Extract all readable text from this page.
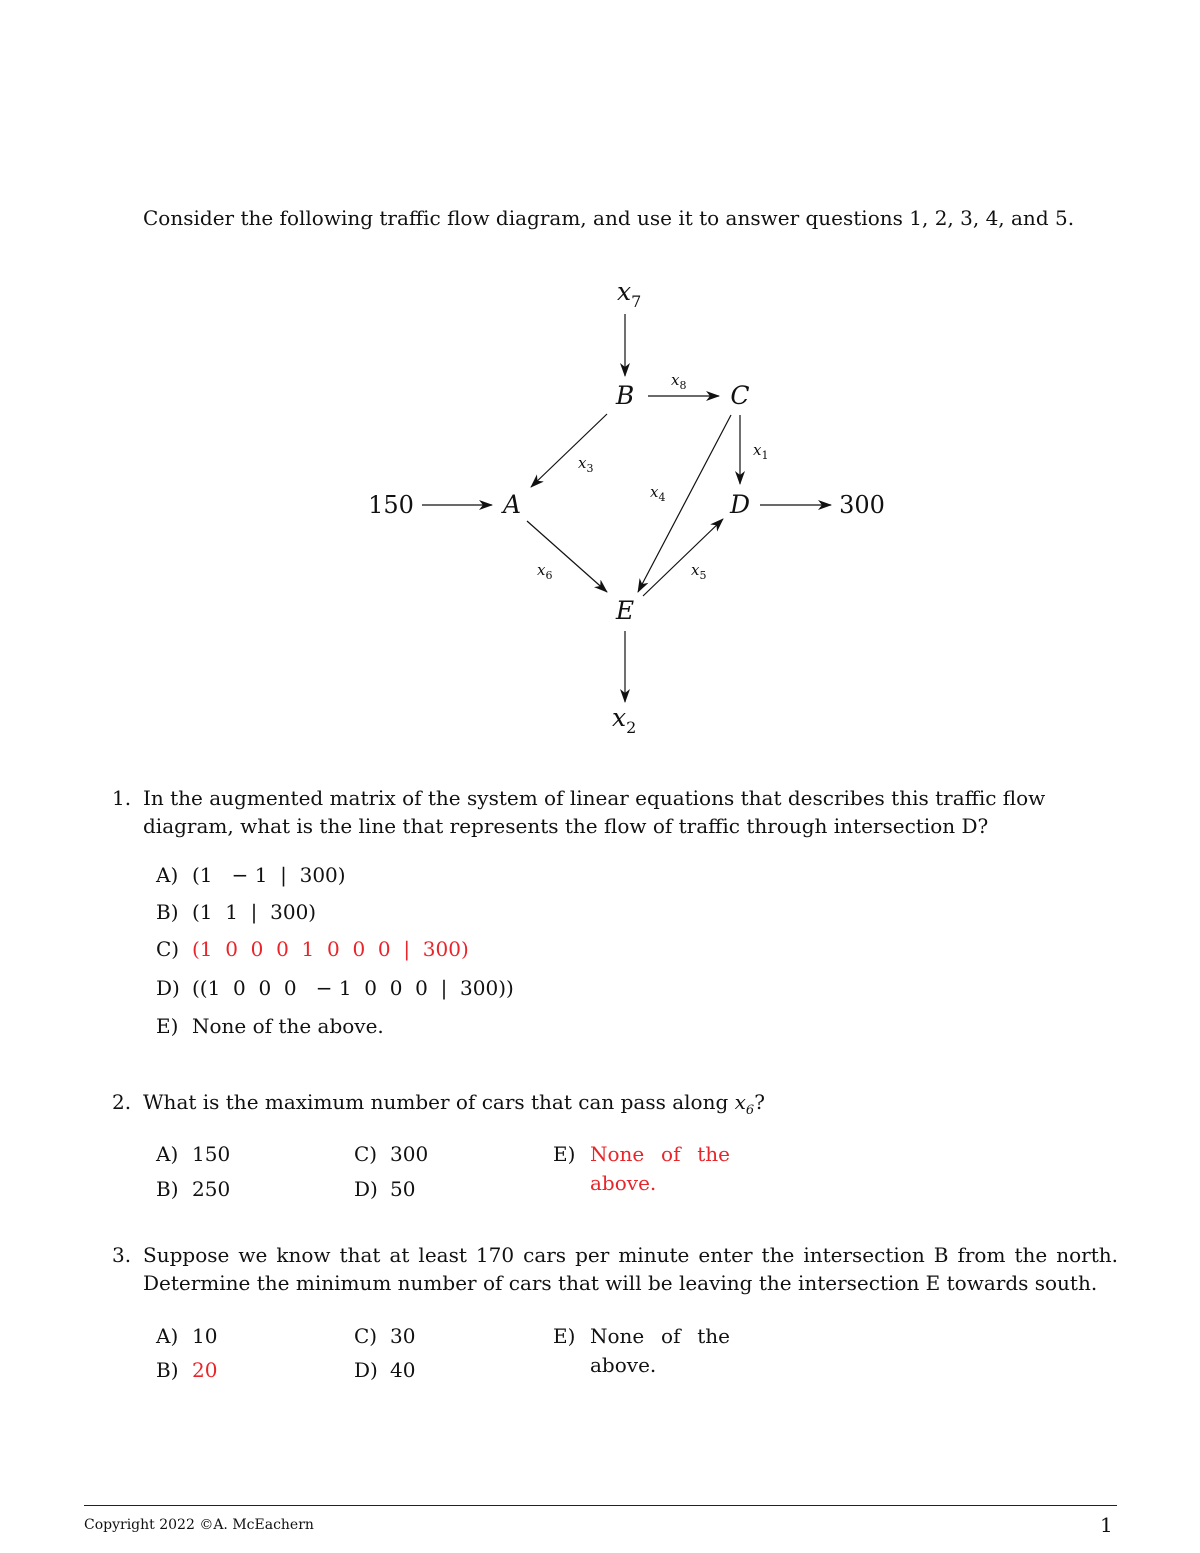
Consider the following traffic flow diagram, and use it to answer questions 1, 2, 3, 4, and 5.
B	C
A	D
E
150	300
$x_7$
$x_2$
$x_8$
$x_1$
$x_3$
$x_4$
$x_6$	$x_5$
1. In the augmented matrix of the system of linear equations that describes this traffic flow diagram, what is the line that represents the flow of traffic through intersection D?
A) (1   − 1  |  300)
B) (1  1  |  300)
C) (1  0  0  0  1  0  0  0  |  300)
D) ((1  0  0  0   − 1  0  0  0  |  300))
E) None of the above.
2. What is the maximum number of cars that can pass along $x_6$?
A) 150
B) 250
C) 300
D) 50
E) None of the above.
3. Suppose we know that at least 170 cars per minute enter the intersection B from the north. Determine the minimum number of cars that will be leaving the intersection E towards south.
A) 10
B) 20
C) 30
D) 40
E) None of the above.
Copyright 2022 ©A. McEachern	1
